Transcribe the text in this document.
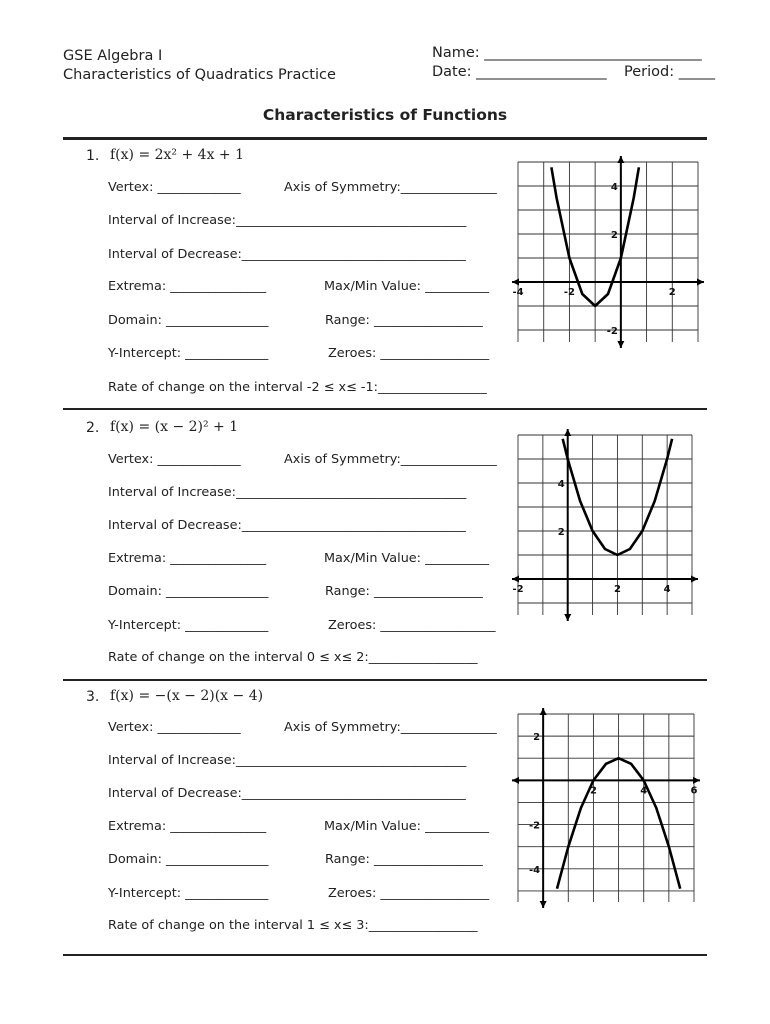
GSE Algebra I
Characteristics of Quadratics Practice
Name: ______________________________
Date: __________________ Period: _____
Characteristics of Functions
1. f(x) = 2x² + 4x + 1
Vertex: _____________	Axis of Symmetry:_______________
Interval of Increase:____________________________________
Interval of Decrease:___________________________________
Extrema: _______________	Max/Min Value: __________
Domain: ________________	Range: _________________
Y-Intercept: _____________	Zeroes: _________________
Rate of change on the interval -2 ≤ x≤ -1:_________________
-4	-2	2
4
2
-2
2. f(x) = (x − 2)² + 1
Vertex: _____________	Axis of Symmetry:_______________
Interval of Increase:____________________________________
Interval of Decrease:___________________________________
Extrema: _______________	Max/Min Value: __________
Domain: ________________	Range: _________________
Y-Intercept: _____________	Zeroes: __________________
Rate of change on the interval 0 ≤ x≤ 2:_________________
-2	2	4
4
2
3. f(x) = −(x − 2)(x − 4)
Vertex: _____________	Axis of Symmetry:_______________
Interval of Increase:____________________________________
Interval of Decrease:___________________________________
Extrema: _______________	Max/Min Value: __________
Domain: ________________	Range: _________________
Y-Intercept: _____________	Zeroes: _________________
Rate of change on the interval 1 ≤ x≤ 3:_________________
2	4	6
2
-2
-4
